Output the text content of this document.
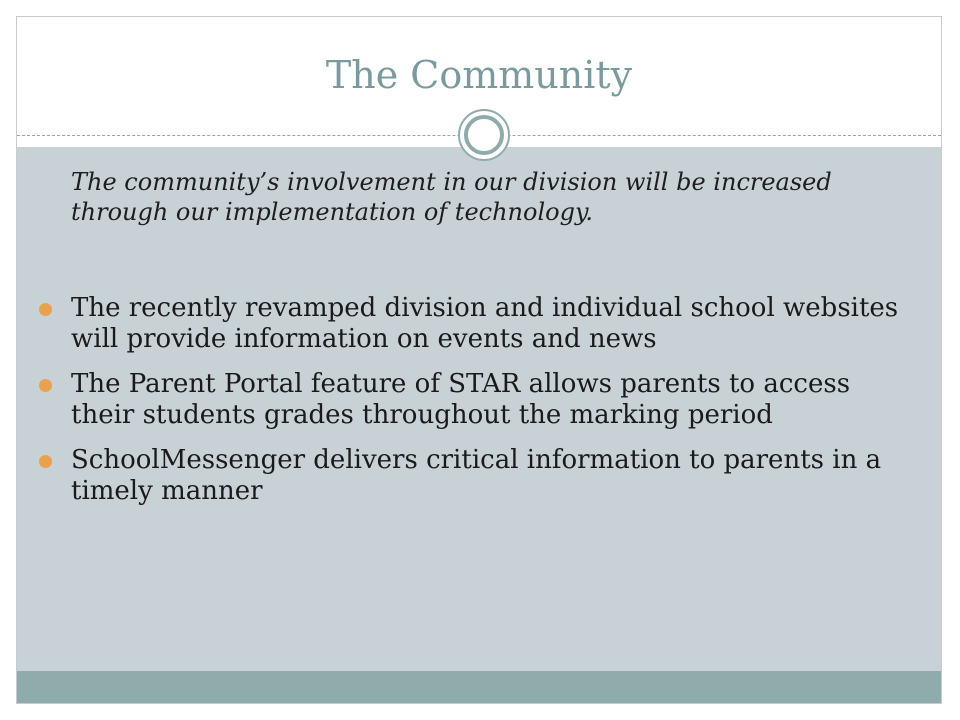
The Community

The community’s involvement in our division will be increased through our implementation of technology.

The recently revamped division and individual school websites will provide information on events and news
The Parent Portal feature of STAR allows parents to access their students grades throughout the marking period
SchoolMessenger delivers critical information to parents in a timely manner
